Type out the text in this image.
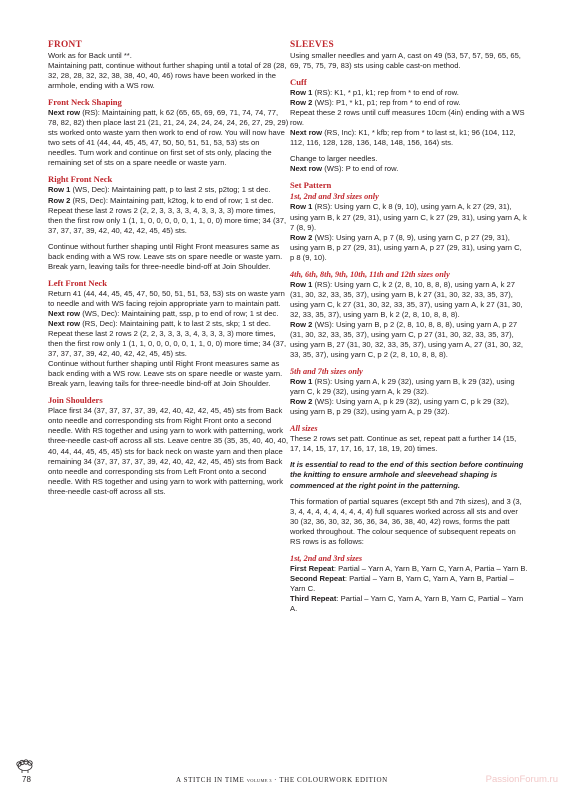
FRONT

Work as for Back until **.
Maintaining patt, continue without further shaping until a total of 28 (28, 32, 28, 28, 32, 32, 38, 38, 40, 40, 46) rows have been worked in the armhole, ending with a WS row.

Front Neck Shaping

Next row (RS): Maintaining patt, k 62 (65, 65, 69, 69, 71, 74, 74, 77, 78, 82, 82) then place last 21 (21, 21, 24, 24, 24, 24, 24, 26, 27, 29, 29) sts worked onto waste yarn then work to end of row. You will now have two sets of 41 (44, 44, 45, 45, 47, 50, 50, 51, 51, 53, 53) sts on needles. Turn work and continue on first set of sts only, placing the remaining set of sts on a spare needle or waste yarn.

Right Front Neck

Row 1 (WS, Dec): Maintaining patt, p to last 2 sts, p2tog; 1 st dec.

Row 2 (RS, Dec): Maintaining patt, k2tog, k to end of row; 1 st dec.

Repeat these last 2 rows 2 (2, 2, 3, 3, 3, 3, 4, 3, 3, 3, 3) more times, then the first row only 1 (1, 1, 0, 0, 0, 0, 0, 1, 1, 0, 0) more time; 34 (37, 37, 37, 37, 39, 42, 40, 42, 42, 45, 45) sts.

Continue without further shaping until Right Front measures same as back ending with a WS row. Leave sts on spare needle or waste yarn. Break yarn, leaving tails for three-needle bind-off at Join Shoulder.

Left Front Neck

Return 41 (44, 44, 45, 45, 47, 50, 50, 51, 51, 53, 53) sts on waste yarn to needle and with WS facing rejoin appropriate yarn to maintain patt.

Next row (WS, Dec): Maintaining patt, ssp, p to end of row; 1 st dec.

Next row (RS, Dec): Maintaining patt, k to last 2 sts, skp; 1 st dec.

Repeat these last 2 rows 2 (2, 2, 3, 3, 3, 3, 4, 3, 3, 3, 3) more times, then the first row only 1 (1, 1, 0, 0, 0, 0, 0, 1, 1, 0, 0) more time; 34 (37, 37, 37, 37, 39, 42, 40, 42, 42, 45, 45) sts.
Continue without further shaping until Right Front measures same as back ending with a WS row. Leave sts on spare needle or waste yarn. Break yarn, leaving tails for three-needle bind-off at Join Shoulder.

Join Shoulders

Place first 34 (37, 37, 37, 37, 39, 42, 40, 42, 42, 45, 45) sts from Back onto needle and corresponding sts from Right Front onto a second needle. With RS together and using yarn to work with patterning, work three-needle cast-off across all sts. Leave centre 35 (35, 35, 40, 40, 40, 40, 44, 44, 45, 45, 45) sts for back neck on waste yarn and then place remaining 34 (37, 37, 37, 37, 39, 42, 40, 42, 42, 45, 45) sts from Back onto needle and corresponding sts from Left Front onto a second needle. With RS together and using yarn to work with patterning, work three-needle cast-off across all sts.

SLEEVES

Using smaller needles and yarn A, cast on 49 (53, 57, 57, 59, 65, 65, 69, 75, 75, 79, 83) sts using cable cast-on method.

Cuff

Row 1 (RS): K1, * p1, k1; rep from * to end of row.

Row 2 (WS): P1, * k1, p1; rep from * to end of row.

Repeat these 2 rows until cuff measures 10cm (4in) ending with a WS row.

Next row (RS, Inc): K1, * kfb; rep from * to last st, k1; 96 (104, 112, 112, 116, 128, 128, 136, 148, 148, 156, 164) sts.

Change to larger needles.

Next row (WS): P to end of row.

Set Pattern
1st, 2nd and 3rd sizes only

Row 1 (RS): Using yarn C, k 8 (9, 10), using yarn A, k 27 (29, 31), using yarn B, k 27 (29, 31), using yarn C, k 27 (29, 31), using yarn A, k 7 (8, 9).

Row 2 (WS): Using yarn A, p 7 (8, 9), using yarn C, p 27 (29, 31), using yarn B, p 27 (29, 31), using yarn A, p 27 (29, 31), using yarn C, p 8 (9, 10).

4th, 6th, 8th, 9th, 10th, 11th and 12th sizes only

Row 1 (RS): Using yarn C, k 2 (2, 8, 10, 8, 8, 8), using yarn A, k 27 (31, 30, 32, 33, 35, 37), using yarn B, k 27 (31, 30, 32, 33, 35, 37), using yarn C, k 27 (31, 30, 32, 33, 35, 37), using yarn A, k 27 (31, 30, 32, 33, 35, 37), using yarn B, k 2 (2, 8, 10, 8, 8, 8).

Row 2 (WS): Using yarn B, p 2 (2, 8, 10, 8, 8, 8), using yarn A, p 27 (31, 30, 32, 33, 35, 37), using yarn C, p 27 (31, 30, 32, 33, 35, 37), using yarn B, 27 (31, 30, 32, 33, 35, 37), using yarn A, 27 (31, 30, 32, 33, 35, 37), using yarn C, p 2 (2, 8, 10, 8, 8, 8).

5th and 7th sizes only

Row 1 (RS): Using yarn A, k 29 (32), using yarn B, k 29 (32), using yarn C, k 29 (32), using yarn A, k 29 (32).

Row 2 (WS): Using yarn A, p k 29 (32), using yarn C, p k 29 (32), using yarn B, p 29 (32), using yarn A, p 29 (32).

All sizes

These 2 rows set patt. Continue as set, repeat patt a further 14 (15, 17, 14, 15, 17, 17, 16, 17, 18, 19, 20) times.

It is essential to read to the end of this section before continuing the knitting to ensure armhole and sleevehead shaping is commenced at the right point in the patterning.

This formation of partial squares (except 5th and 7th sizes), and 3 (3, 3, 4, 4, 4, 4, 4, 4, 4, 4, 4) full squares worked across all sts and over 30 (32, 36, 30, 32, 36, 36, 34, 36, 38, 40, 42) rows, forms the patt worked throughout. The colour sequence of subsequent repeats on RS rows is as follows:

1st, 2nd and 3rd sizes

First Repeat: Partial – Yarn A, Yarn B, Yarn C, Yarn A, Partia – Yarn B.

Second Repeat: Partial – Yarn B, Yarn C, Yarn A, Yarn B, Partial – Yarn C.

Third Repeat: Partial – Yarn C, Yarn A, Yarn B, Yarn C, Partial – Yarn A.

78	A STITCH IN TIME VOLUME 3 · THE COLOURWORK EDITION	PassionForum.ru
